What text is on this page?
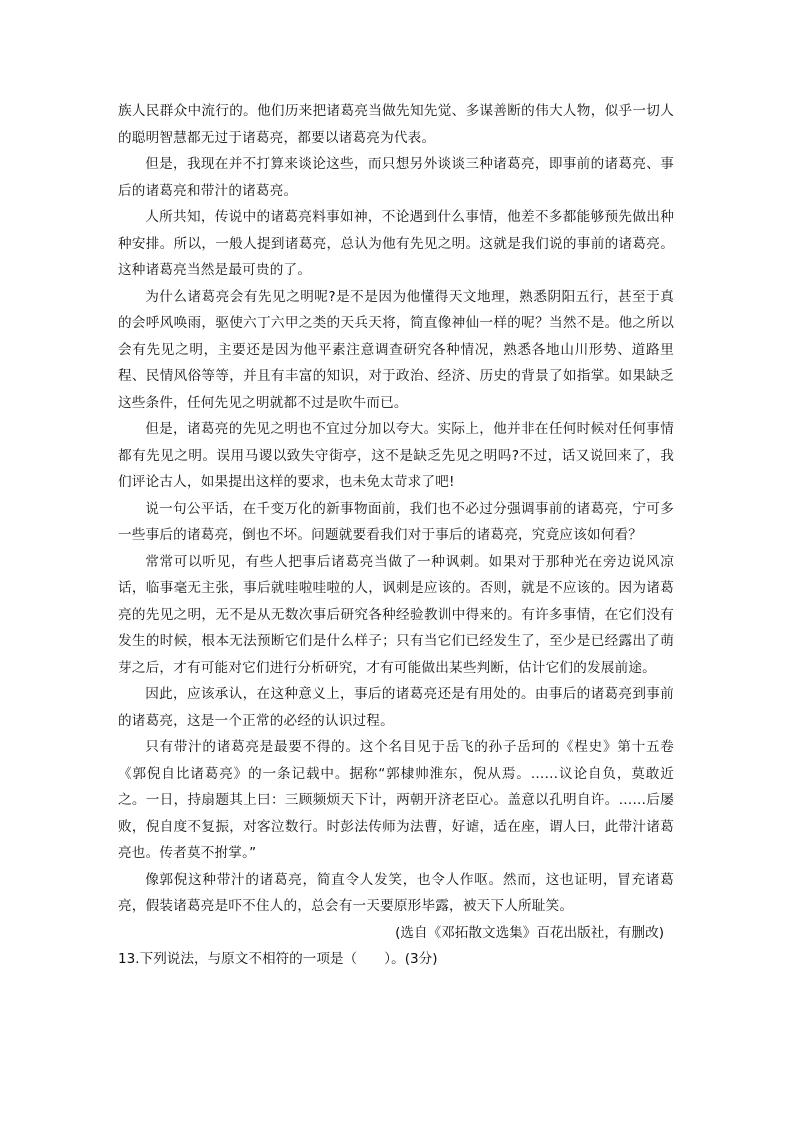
族人民群众中流行的。他们历来把诸葛亮当做先知先觉、多谋善断的伟大人物，似乎一切人的聪明智慧都无过于诸葛亮，都要以诸葛亮为代表。

但是，我现在并不打算来谈论这些，而只想另外谈谈三种诸葛亮，即事前的诸葛亮、事后的诸葛亮和带汁的诸葛亮。

人所共知，传说中的诸葛亮料事如神，不论遇到什么事情，他差不多都能够预先做出种种安排。所以，一般人提到诸葛亮，总认为他有先见之明。这就是我们说的事前的诸葛亮。这种诸葛亮当然是最可贵的了。

为什么诸葛亮会有先见之明呢?是不是因为他懂得天文地理，熟悉阴阳五行，甚至于真的会呼风唤雨，驱使六丁六甲之类的天兵天将，简直像神仙一样的呢？当然不是。他之所以会有先见之明，主要还是因为他平素注意调查研究各种情况，熟悉各地山川形势、道路里程、民情风俗等等，并且有丰富的知识，对于政治、经济、历史的背景了如指掌。如果缺乏这些条件，任何先见之明就都不过是吹牛而已。

但是，诸葛亮的先见之明也不宜过分加以夸大。实际上，他并非在任何时候对任何事情都有先见之明。误用马谡以致失守街亭，这不是缺乏先见之明吗?不过，话又说回来了，我们评论古人，如果提出这样的要求，也未免太苛求了吧!

说一句公平话，在千变万化的新事物面前，我们也不必过分强调事前的诸葛亮，宁可多一些事后的诸葛亮，倒也不坏。问题就要看我们对于事后的诸葛亮，究竟应该如何看？

常常可以听见，有些人把事后诸葛亮当做了一种讽刺。如果对于那种光在旁边说风凉话，临事毫无主张，事后就哇啦哇啦的人，讽刺是应该的。否则，就是不应该的。因为诸葛亮的先见之明，无不是从无数次事后研究各种经验教训中得来的。有许多事情，在它们没有发生的时候，根本无法预断它们是什么样子；只有当它们已经发生了，至少是已经露出了萌芽之后，才有可能对它们进行分析研究，才有可能做出某些判断，估计它们的发展前途。

因此，应该承认，在这种意义上，事后的诸葛亮还是有用处的。由事后的诸葛亮到事前的诸葛亮，这是一个正常的必经的认识过程。

只有带汁的诸葛亮是最要不得的。这个名目见于岳飞的孙子岳珂的《桯史》第十五卷《郭倪自比诸葛亮》的一条记载中。据称“郭棣帅淮东，倪从焉。……议论自负，莫敢近之。一日，持扇题其上曰：三顾频烦天下计，两朝开济老臣心。盖意以孔明自许。……后屡败，倪自度不复振，对客泣数行。时彭法传师为法曹，好谑，适在座，谓人曰，此带汁诸葛亮也。传者莫不拊掌。”

像郭倪这种带汁的诸葛亮，简直令人发笑，也令人作呕。然而，这也证明，冒充诸葛亮，假装诸葛亮是吓不住人的，总会有一天要原形毕露，被天下人所耻笑。

(选自《邓拓散文选集》百花出版社，有删改)

13.下列说法，与原文不相符的一项是（　　）。(3分)
